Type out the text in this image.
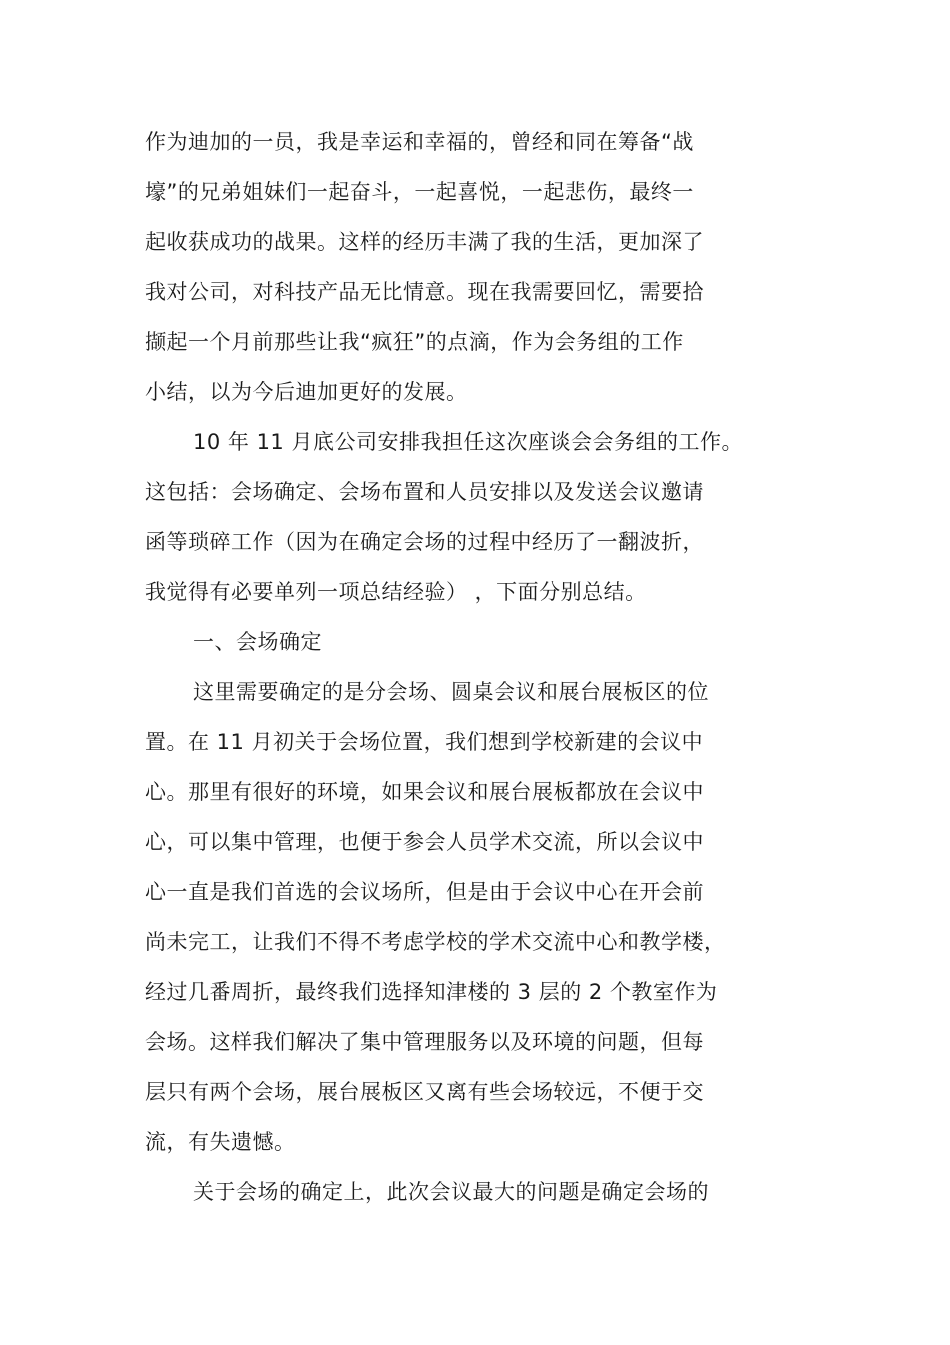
作为迪加的一员，我是幸运和幸福的，曾经和同在筹备“战
壕”的兄弟姐妹们一起奋斗，一起喜悦，一起悲伤，最终一
起收获成功的战果。这样的经历丰满了我的生活，更加深了
我对公司，对科技产品无比情意。现在我需要回忆，需要拾
撷起一个月前那些让我“疯狂”的点滴，作为会务组的工作
小结，以为今后迪加更好的发展。
10 年 11 月底公司安排我担任这次座谈会会务组的工作。
这包括：会场确定、会场布置和人员安排以及发送会议邀请
函等琐碎工作（因为在确定会场的过程中经历了一翻波折，
我觉得有必要单列一项总结经验） ，下面分别总结。
一、会场确定
这里需要确定的是分会场、圆桌会议和展台展板区的位
置。在 11 月初关于会场位置，我们想到学校新建的会议中
心。那里有很好的环境，如果会议和展台展板都放在会议中
心，可以集中管理，也便于参会人员学术交流，所以会议中
心一直是我们首选的会议场所，但是由于会议中心在开会前
尚未完工，让我们不得不考虑学校的学术交流中心和教学楼，
经过几番周折，最终我们选择知津楼的 3 层的 2 个教室作为
会场。这样我们解决了集中管理服务以及环境的问题，但每
层只有两个会场，展台展板区又离有些会场较远，不便于交
流，有失遗憾。
关于会场的确定上，此次会议最大的问题是确定会场的
